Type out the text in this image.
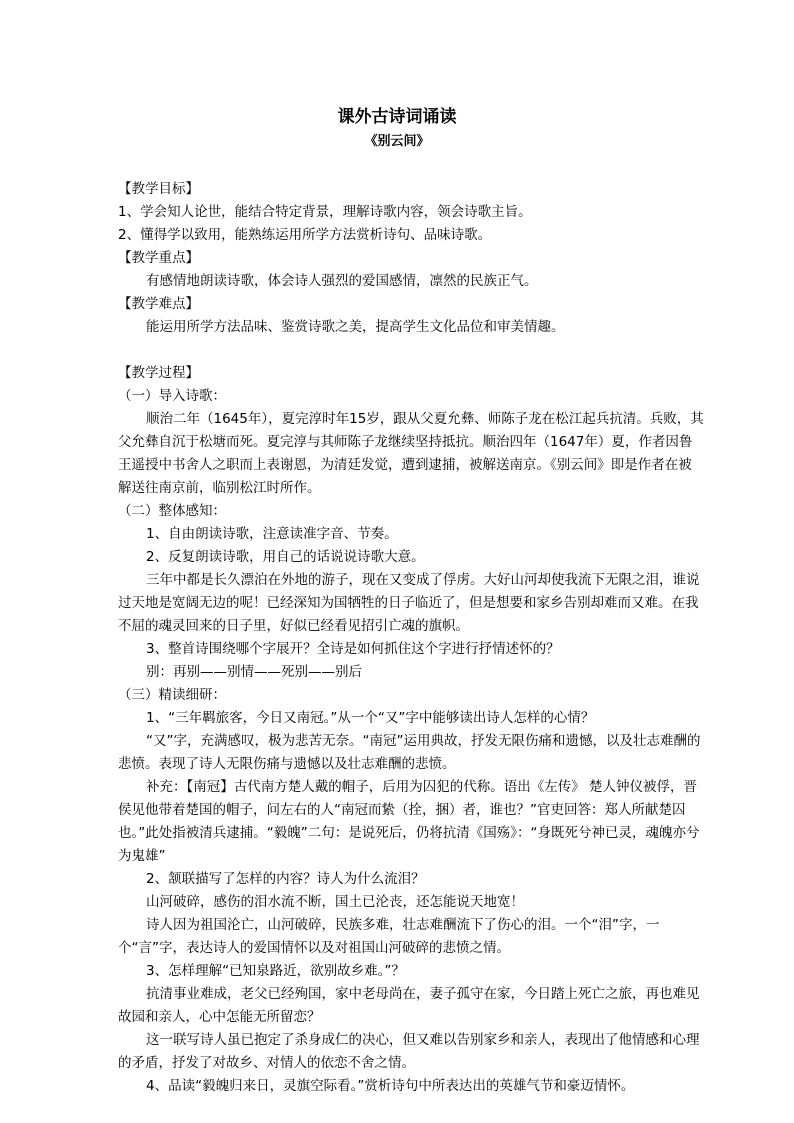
课外古诗词诵读
《别云间》

【教学目标】

1、学会知人论世，能结合特定背景，理解诗歌内容，领会诗歌主旨。

2、懂得学以致用，能熟练运用所学方法赏析诗句、品味诗歌。

【教学重点】

有感情地朗读诗歌，体会诗人强烈的爱国感情，凛然的民族正气。

【教学难点】

能运用所学方法品味、鉴赏诗歌之美，提高学生文化品位和审美情趣。

【教学过程】

（一）导入诗歌：

顺治二年（1645年），夏完淳时年15岁，跟从父夏允彝、师陈子龙在松江起兵抗清。兵败，其父允彝自沉于松塘而死。夏完淳与其师陈子龙继续坚持抵抗。顺治四年（1647年）夏，作者因鲁王遥授中书舍人之职而上表谢恩，为清廷发觉，遭到逮捕，被解送南京。《别云间》即是作者在被解送往南京前，临别松江时所作。

（二）整体感知：

1、自由朗读诗歌，注意读准字音、节奏。

2、反复朗读诗歌，用自己的话说说诗歌大意。

三年中都是长久漂泊在外地的游子，现在又变成了俘虏。大好山河却使我流下无限之泪，谁说过天地是宽阔无边的呢！已经深知为国牺牲的日子临近了，但是想要和家乡告别却难而又难。在我不屈的魂灵回来的日子里，好似已经看见招引亡魂的旗帜。

3、整首诗围绕哪个字展开？全诗是如何抓住这个字进行抒情述怀的？

别：再别——别情——死别——别后

（三）精读细研：

1、“三年羁旅客，今日又南冠。”从一个“又”字中能够读出诗人怎样的心情？

“又”字，充满感叹，极为悲苦无奈。“南冠”运用典故，抒发无限伤痛和遗憾，以及壮志难酬的悲愤。表现了诗人无限伤痛与遗憾以及壮志难酬的悲愤。

补充：【南冠】古代南方楚人戴的帽子，后用为囚犯的代称。语出《左传》 楚人钟仪被俘，晋侯见他带着楚国的帽子，问左右的人“南冠而絷（拴，捆）者，谁也？”官吏回答：郑人所献楚囚也。”此处指被清兵逮捕。“毅魄”二句：是说死后，仍将抗清《国殇》：“身既死兮神已灵，魂魄亦兮为鬼雄”

2、颔联描写了怎样的内容？诗人为什么流泪？

山河破碎，感伤的泪水流不断，国土已沦丧，还怎能说天地宽！

诗人因为祖国沦亡，山河破碎，民族多难，壮志难酬流下了伤心的泪。一个“泪”字，一个“言”字，表达诗人的爱国情怀以及对祖国山河破碎的悲愤之情。

3、怎样理解“已知泉路近，欲别故乡难。”？

抗清事业难成，老父已经殉国，家中老母尚在，妻子孤守在家，今日踏上死亡之旅，再也难见故园和亲人，心中怎能无所留恋？

这一联写诗人虽已抱定了杀身成仁的决心，但又难以告别家乡和亲人，表现出了他情感和心理的矛盾，抒发了对故乡、对情人的依恋不舍之情。

4、品读“毅魄归来日，灵旗空际看。”赏析诗句中所表达出的英雄气节和豪迈情怀。
